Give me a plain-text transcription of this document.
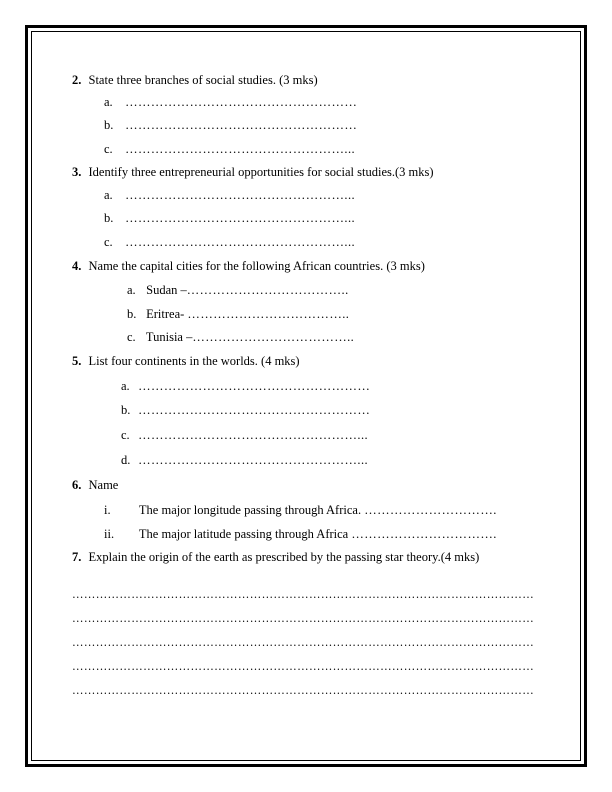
2. State three branches of social studies. (3 mks)
a. ………………………………………………
b. ………………………………………………
c. ……………………………………………...
3. Identify three entrepreneurial opportunities for social studies.(3 mks)
a. ……………………………………………...
b. ……………………………………………...
c. ……………………………………………...
4. Name the capital cities for the following African countries. (3 mks)
a. Sudan –………………………………..
b. Eritrea- ………………………………..
c. Tunisia –………………………………..
5. List four continents in the worlds. (4 mks)
a. ………………………………………………
b. ………………………………………………
c. ……………………………………………...
d. ……………………………………………...
6. Name
i. The major longitude passing through Africa. ………………………….
ii. The major latitude passing through Africa …………………………….
7. Explain the origin of the earth as prescribed by the passing star theory.(4 mks)
………………………………………………………………………………………………………
………………………………………………………………………………………………………
………………………………………………………………………………………………………
………………………………………………………………………………………………………
………………………………………………………………………………………………………
